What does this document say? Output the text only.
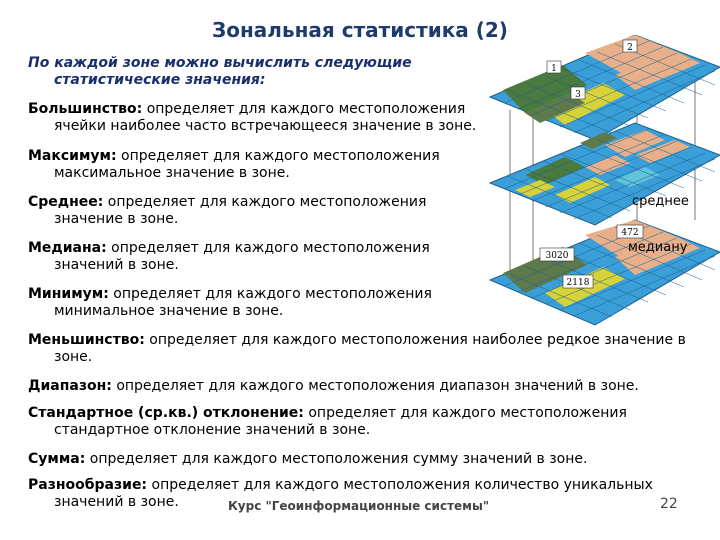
Зональная статистика (2)
По каждой зоне можно вычислить следующие
статистические значения:
Большинство: определяет для каждого местоположения
ячейки наиболее часто встречающееся значение в зоне.
Максимум: определяет для каждого местоположения
максимальное значение в зоне.
Среднее: определяет для каждого местоположения
значение в зоне.
Медиана: определяет для каждого местоположения
значений в зоне.
Минимум: определяет для каждого местоположения
минимальное значение в зоне.
Меньшинство: определяет для каждого местоположения наиболее редкое значение в
зоне.
Диапазон: определяет для каждого местоположения диапазон значений в зоне.
Стандартное (ср.кв.) отклонение: определяет для каждого местоположения
стандартное отклонение значений в зоне.
Сумма: определяет для каждого местоположения сумму значений в зоне.
Разнообразие: определяет для каждого местоположения количество уникальных
значений в зоне.
1
2
3
3020
472
2118
среднее
медиану
Курс "Геоинформационные системы"	22
